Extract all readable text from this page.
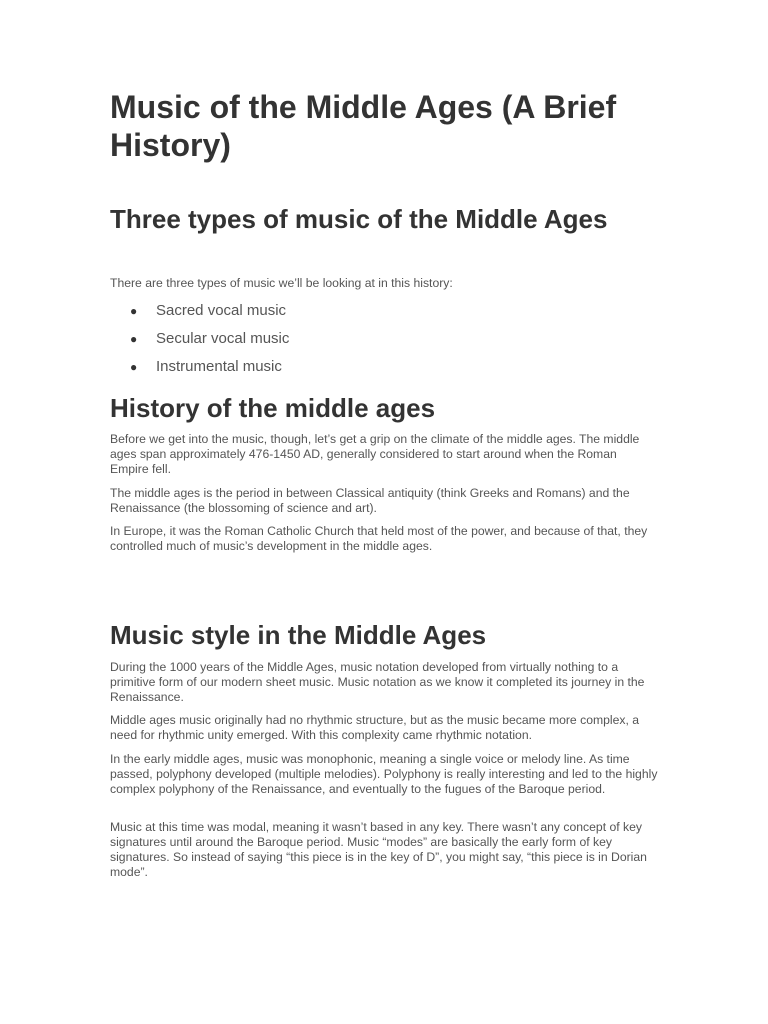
Music of the Middle Ages (A Brief History)
Three types of music of the Middle Ages

There are three types of music we’ll be looking at in this history:

● Sacred vocal music
● Secular vocal music
● Instrumental music
History of the middle ages

Before we get into the music, though, let’s get a grip on the climate of the middle ages. The middle ages span approximately 476-1450 AD, generally considered to start around when the Roman Empire fell.

The middle ages is the period in between Classical antiquity (think Greeks and Romans) and the Renaissance (the blossoming of science and art).

In Europe, it was the Roman Catholic Church that held most of the power, and because of that, they controlled much of music’s development in the middle ages.

Music style in the Middle Ages

During the 1000 years of the Middle Ages, music notation developed from virtually nothing to a primitive form of our modern sheet music. Music notation as we know it completed its journey in the Renaissance.

Middle ages music originally had no rhythmic structure, but as the music became more complex, a need for rhythmic unity emerged. With this complexity came rhythmic notation.

In the early middle ages, music was monophonic, meaning a single voice or melody line. As time passed, polyphony developed (multiple melodies). Polyphony is really interesting and led to the highly complex polyphony of the Renaissance, and eventually to the fugues of the Baroque period.

Music at this time was modal, meaning it wasn’t based in any key. There wasn’t any concept of key signatures until around the Baroque period. Music “modes” are basically the early form of key signatures. So instead of saying “this piece is in the key of D”, you might say, “this piece is in Dorian mode”.
